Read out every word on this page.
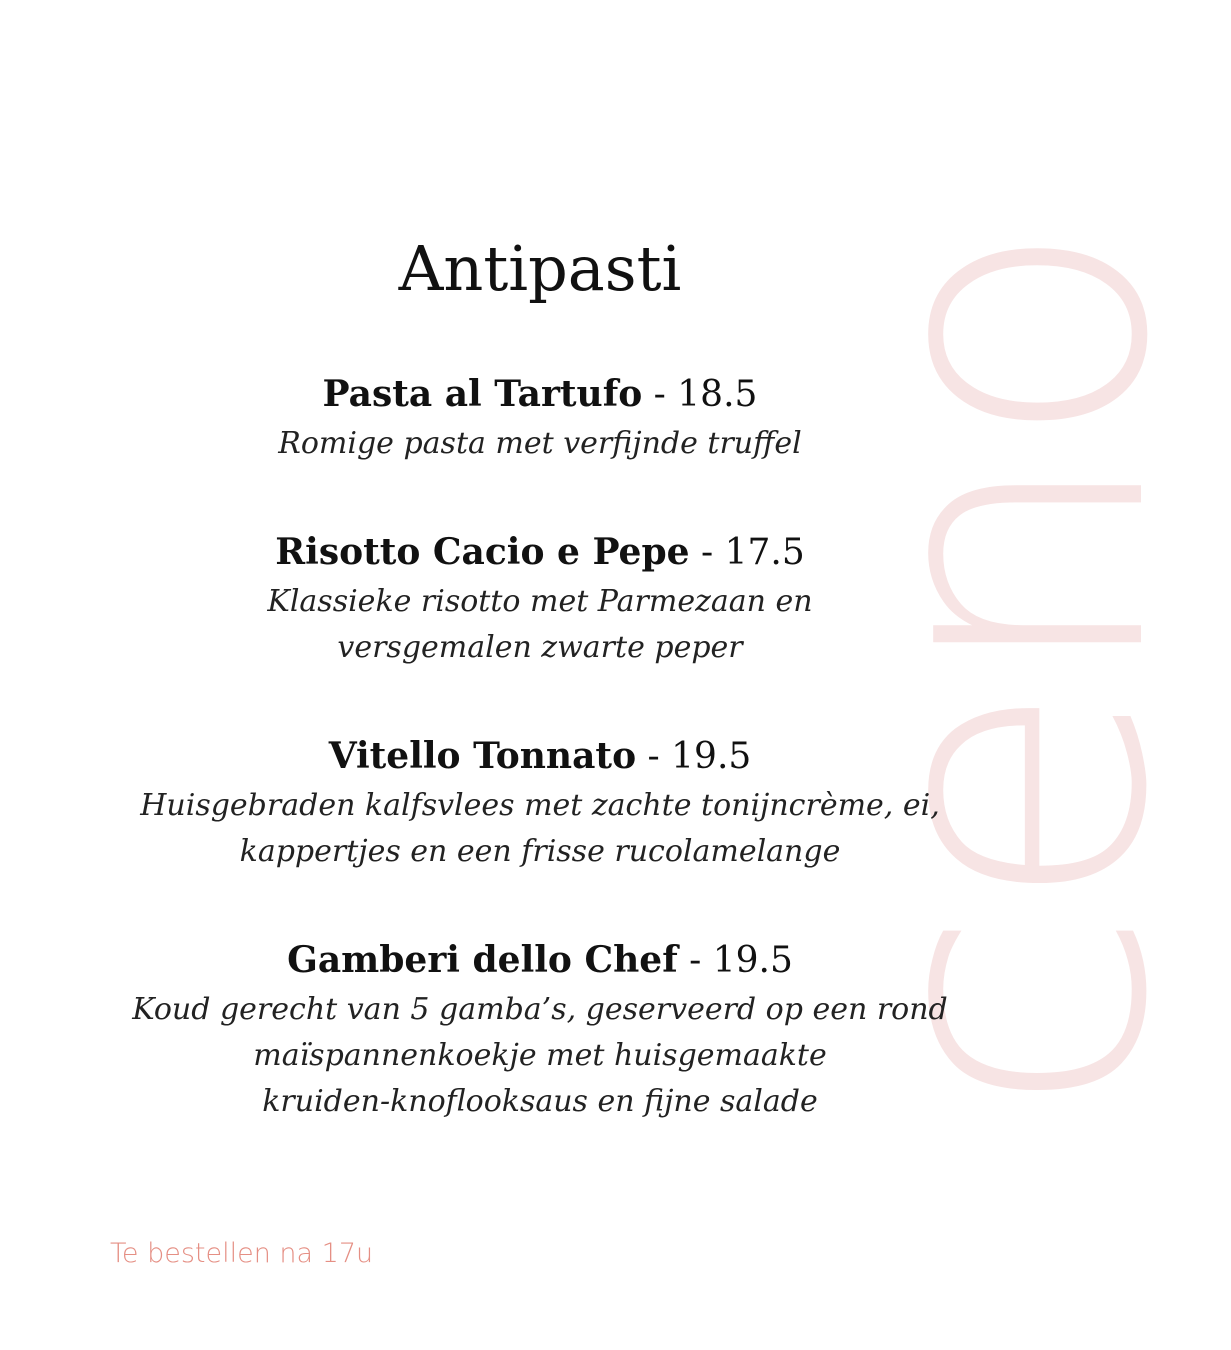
ceno
Antipasti

Pasta al Tartufo - 18.5

Romige pasta met verfijnde truffel

Risotto Cacio e Pepe - 17.5

Klassieke risotto met Parmezaan en
versgemalen zwarte peper

Vitello Tonnato - 19.5

Huisgebraden kalfsvlees met zachte tonijncrème, ei,
kappertjes en een frisse rucolamelange

Gamberi dello Chef - 19.5

Koud gerecht van 5 gamba’s, geserveerd op een rond
maïspannenkoekje met huisgemaakte
kruiden-knoflooksaus en fijne salade

Te bestellen na 17u
